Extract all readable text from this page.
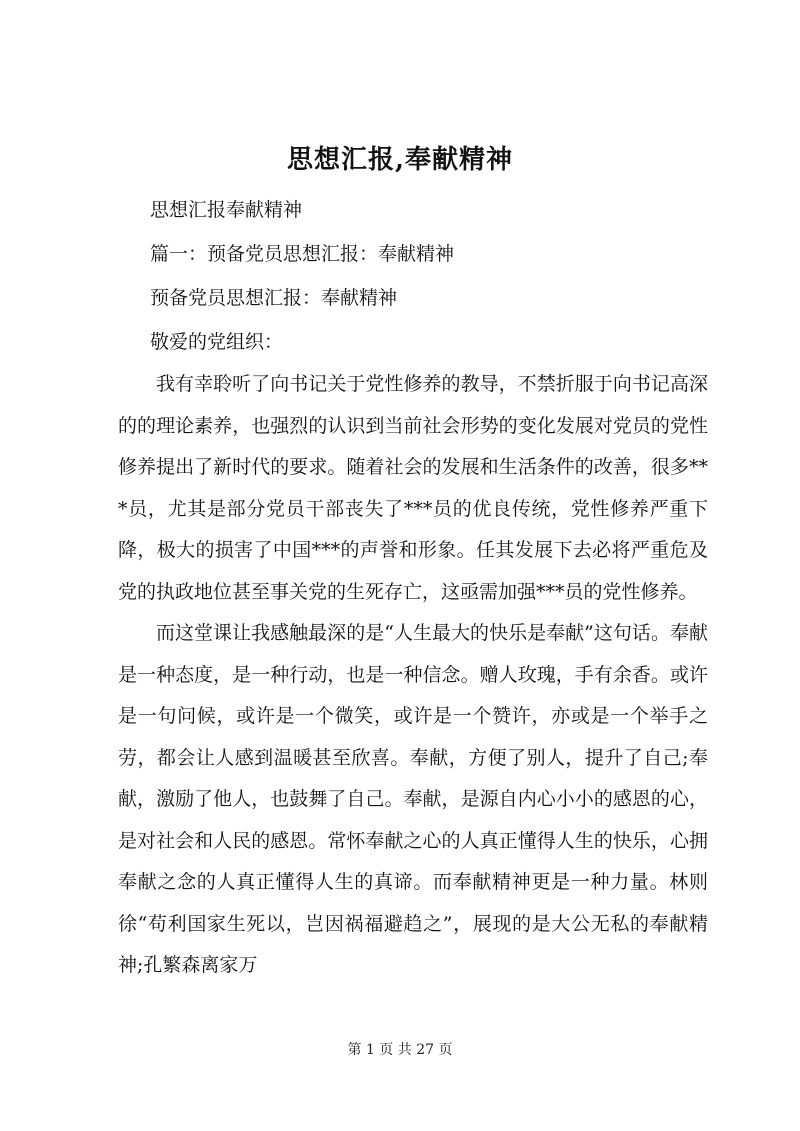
思想汇报,奉献精神
思想汇报奉献精神
篇一：预备党员思想汇报：奉献精神
预备党员思想汇报：奉献精神
敬爱的党组织：

我有幸聆听了向书记关于党性修养的教导，不禁折服于向书记高深的的理论素养，也强烈的认识到当前社会形势的变化发展对党员的党性修养提出了新时代的要求。随着社会的发展和生活条件的改善，很多***员，尤其是部分党员干部丧失了***员的优良传统，党性修养严重下降，极大的损害了中国***的声誉和形象。任其发展下去必将严重危及党的执政地位甚至事关党的生死存亡，这亟需加强***员的党性修养。

而这堂课让我感触最深的是“人生最大的快乐是奉献”这句话。奉献是一种态度，是一种行动，也是一种信念。赠人玫瑰，手有余香。或许是一句问候，或许是一个微笑，或许是一个赞许，亦或是一个举手之劳，都会让人感到温暖甚至欣喜。奉献，方便了别人，提升了自己;奉献，激励了他人，也鼓舞了自己。奉献，是源自内心小小的感恩的心，是对社会和人民的感恩。常怀奉献之心的人真正懂得人生的快乐，心拥奉献之念的人真正懂得人生的真谛。而奉献精神更是一种力量。林则徐“苟利国家生死以，岂因祸福避趋之”，展现的是大公无私的奉献精神;孔繁森离家万

第 1 页 共 27 页
